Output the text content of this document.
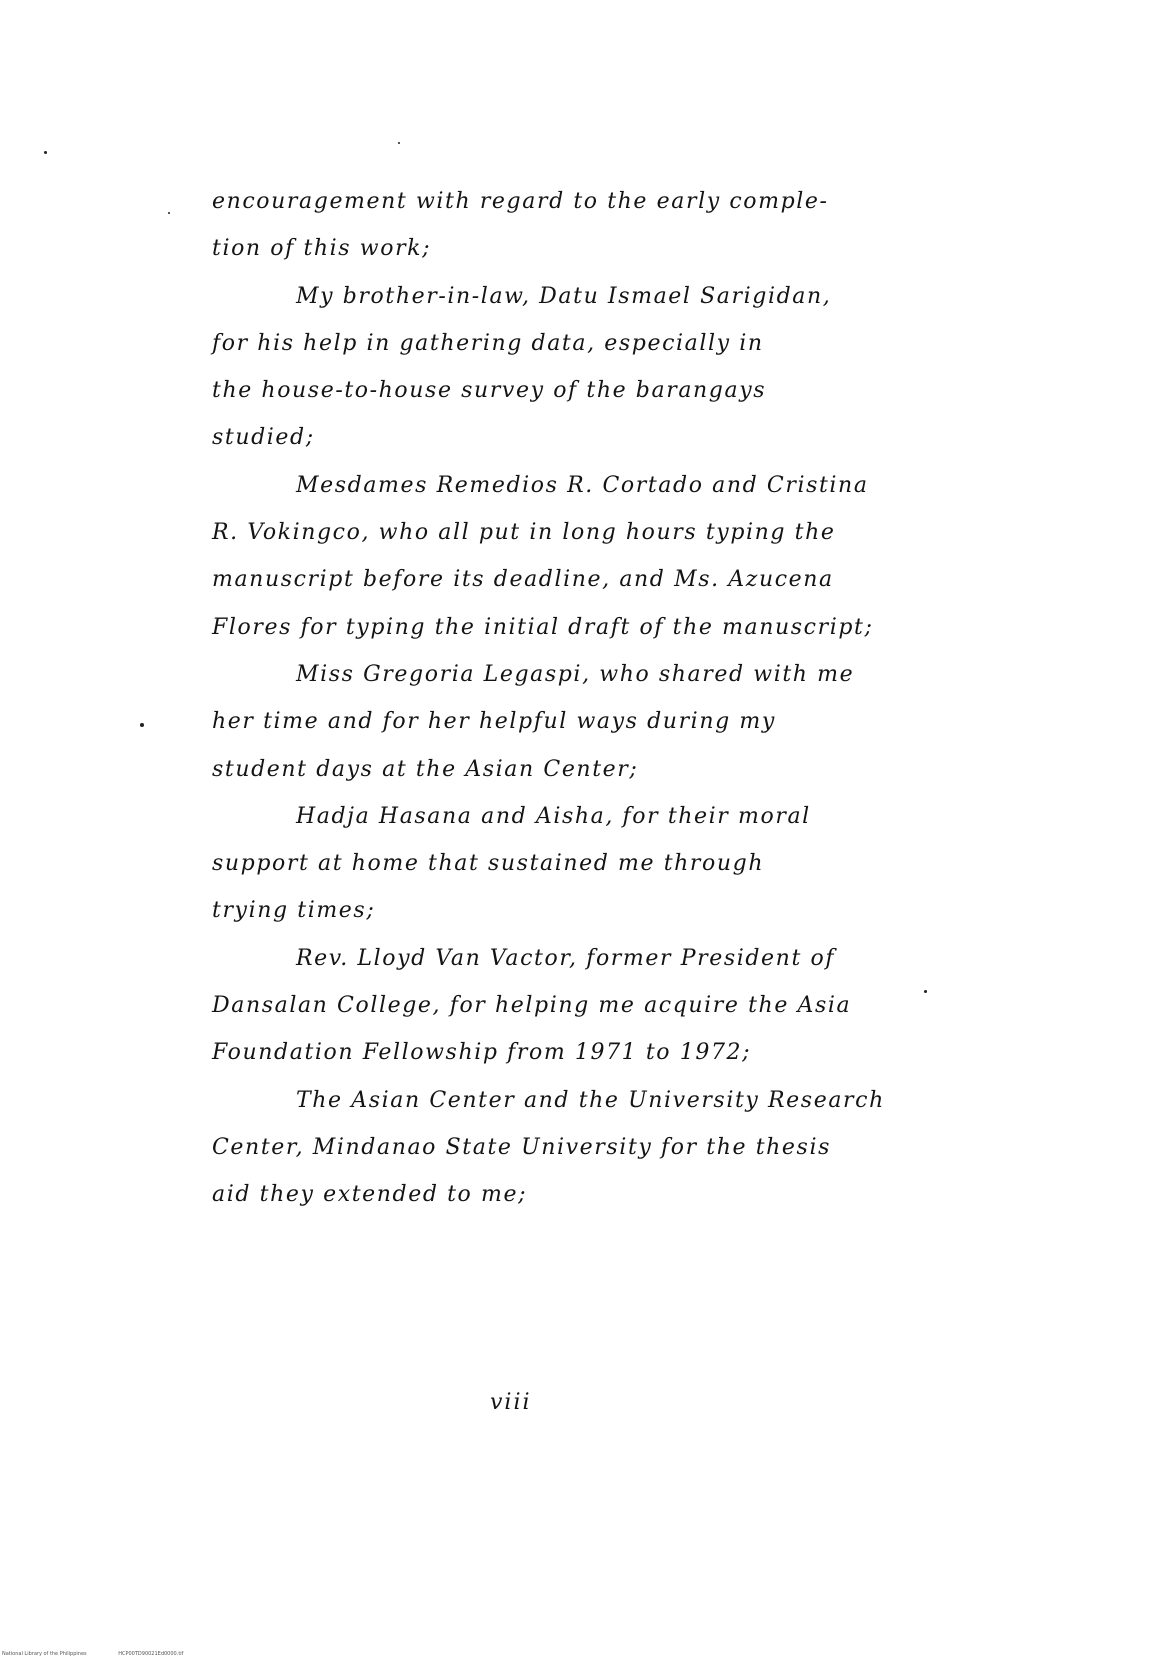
encouragement with regard to the early comple-
tion of this work;
My brother-in-law, Datu Ismael Sarigidan,
for his help in gathering data, especially in
the house-to-house survey of the barangays
studied;
Mesdames Remedios R. Cortado and Cristina
R. Vokingco, who all put in long hours typing the
manuscript before its deadline, and Ms. Azucena
Flores for typing the initial draft of the manuscript;
Miss Gregoria Legaspi, who shared with me
her time and for her helpful ways during my
student days at the Asian Center;
Hadja Hasana and Aisha, for their moral
support at home that sustained me through
trying times;
Rev. Lloyd Van Vactor, former President of
Dansalan College, for helping me acquire the Asia
Foundation Fellowship from 1971 to 1972;
The Asian Center and the University Research
Center, Mindanao State University for the thesis
aid they extended to me;
viii
National Library of the Philippines	HCP00TD90021Ed0000.tif
